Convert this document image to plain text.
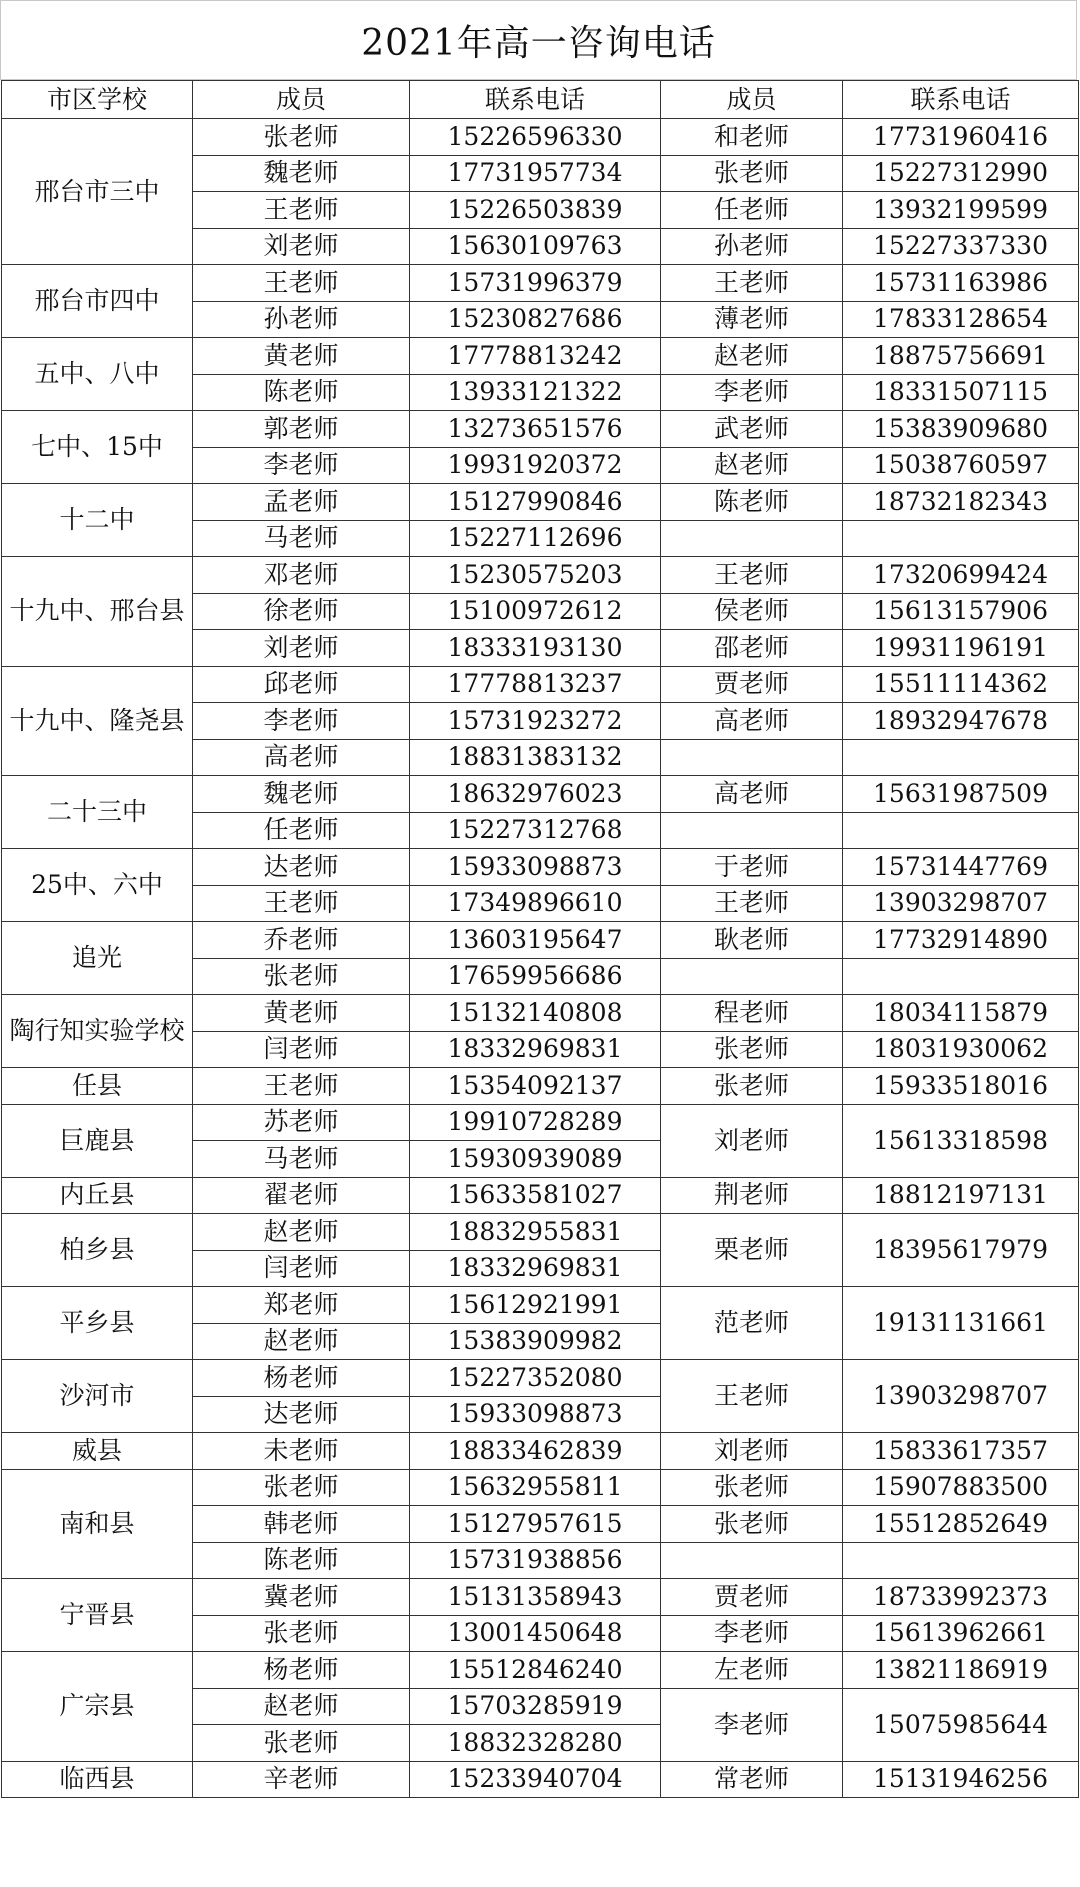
2021年高一咨询电话
市区学校	成员	联系电话	成员	联系电话
邢台市三中	张老师	15226596330	和老师	17731960416
	魏老师	17731957734	张老师	15227312990
	王老师	15226503839	任老师	13932199599
	刘老师	15630109763	孙老师	15227337330
邢台市四中	王老师	15731996379	王老师	15731163986
	孙老师	15230827686	薄老师	17833128654
五中、八中	黄老师	17778813242	赵老师	18875756691
	陈老师	13933121322	李老师	18331507115
七中、15中	郭老师	13273651576	武老师	15383909680
	李老师	19931920372	赵老师	15038760597
十二中	孟老师	15127990846	陈老师	18732182343
	马老师	15227112696		
十九中、邢台县	邓老师	15230575203	王老师	17320699424
	徐老师	15100972612	侯老师	15613157906
	刘老师	18333193130	邵老师	19931196191
十九中、隆尧县	邱老师	17778813237	贾老师	15511114362
	李老师	15731923272	高老师	18932947678
	高老师	18831383132		
二十三中	魏老师	18632976023	高老师	15631987509
	任老师	15227312768		
25中、六中	达老师	15933098873	于老师	15731447769
	王老师	17349896610	王老师	13903298707
追光	乔老师	13603195647	耿老师	17732914890
	张老师	17659956686		
陶行知实验学校	黄老师	15132140808	程老师	18034115879
	闫老师	18332969831	张老师	18031930062
任县	王老师	15354092137	张老师	15933518016
巨鹿县	苏老师	19910728289	刘老师	15613318598
	马老师	15930939089		
内丘县	翟老师	15633581027	荆老师	18812197131
柏乡县	赵老师	18832955831	栗老师	18395617979
	闫老师	18332969831		
平乡县	郑老师	15612921991	范老师	19131131661
	赵老师	15383909982		
沙河市	杨老师	15227352080	王老师	13903298707
	达老师	15933098873		
威县	未老师	18833462839	刘老师	15833617357
南和县	张老师	15632955811	张老师	15907883500
	韩老师	15127957615	张老师	15512852649
	陈老师	15731938856		
宁晋县	冀老师	15131358943	贾老师	18733992373
	张老师	13001450648	李老师	15613962661
广宗县	杨老师	15512846240	左老师	13821186919
	赵老师	15703285919	李老师	15075985644
	张老师	18832328280		
临西县	辛老师	15233940704	常老师	15131946256
